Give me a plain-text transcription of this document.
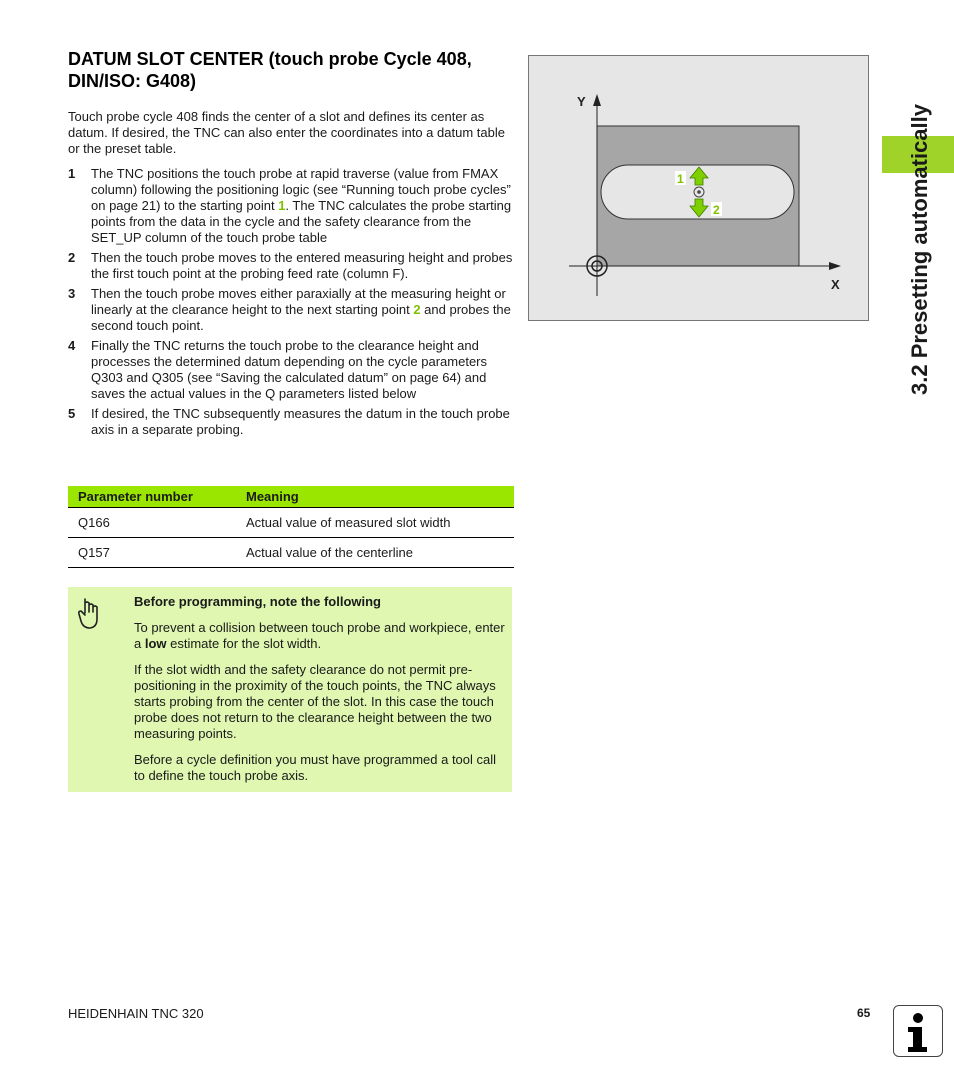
DATUM SLOT CENTER (touch probe Cycle 408, DIN/ISO: G408)
Touch probe cycle 408 finds the center of a slot and defines its center as datum. If desired, the TNC can also enter the coordinates into a datum table or the preset table.
1 The TNC positions the touch probe at rapid traverse (value from FMAX column) following the positioning logic (see “Running touch probe cycles” on page 21) to the starting point 1. The TNC calculates the probe starting points from the data in the cycle and the safety clearance from the SET_UP column of the touch probe table
2 Then the touch probe moves to the entered measuring height and probes the first touch point at the probing feed rate (column F).
3 Then the touch probe moves either paraxially at the measuring height or linearly at the clearance height to the next starting point 2 and probes the second touch point.
4 Finally the TNC returns the touch probe to the clearance height and processes the determined datum depending on the cycle parameters Q303 and Q305 (see “Saving the calculated datum” on page 64) and saves the actual values in the Q parameters listed below
5 If desired, the TNC subsequently measures the datum in the touch probe axis in a separate probing.
Parameter number	Meaning
Q166	Actual value of measured slot width
Q157	Actual value of the centerline
Before programming, note the following

To prevent a collision between touch probe and workpiece, enter a low estimate for the slot width.

If the slot width and the safety clearance do not permit pre-positioning in the proximity of the touch points, the TNC always starts probing from the center of the slot. In this case the touch probe does not return to the clearance height between the two measuring points.

Before a cycle definition you must have programmed a tool call to define the touch probe axis.

Y
X
1
2	3.2 Presetting automatically
HEIDENHAIN TNC 320	65
